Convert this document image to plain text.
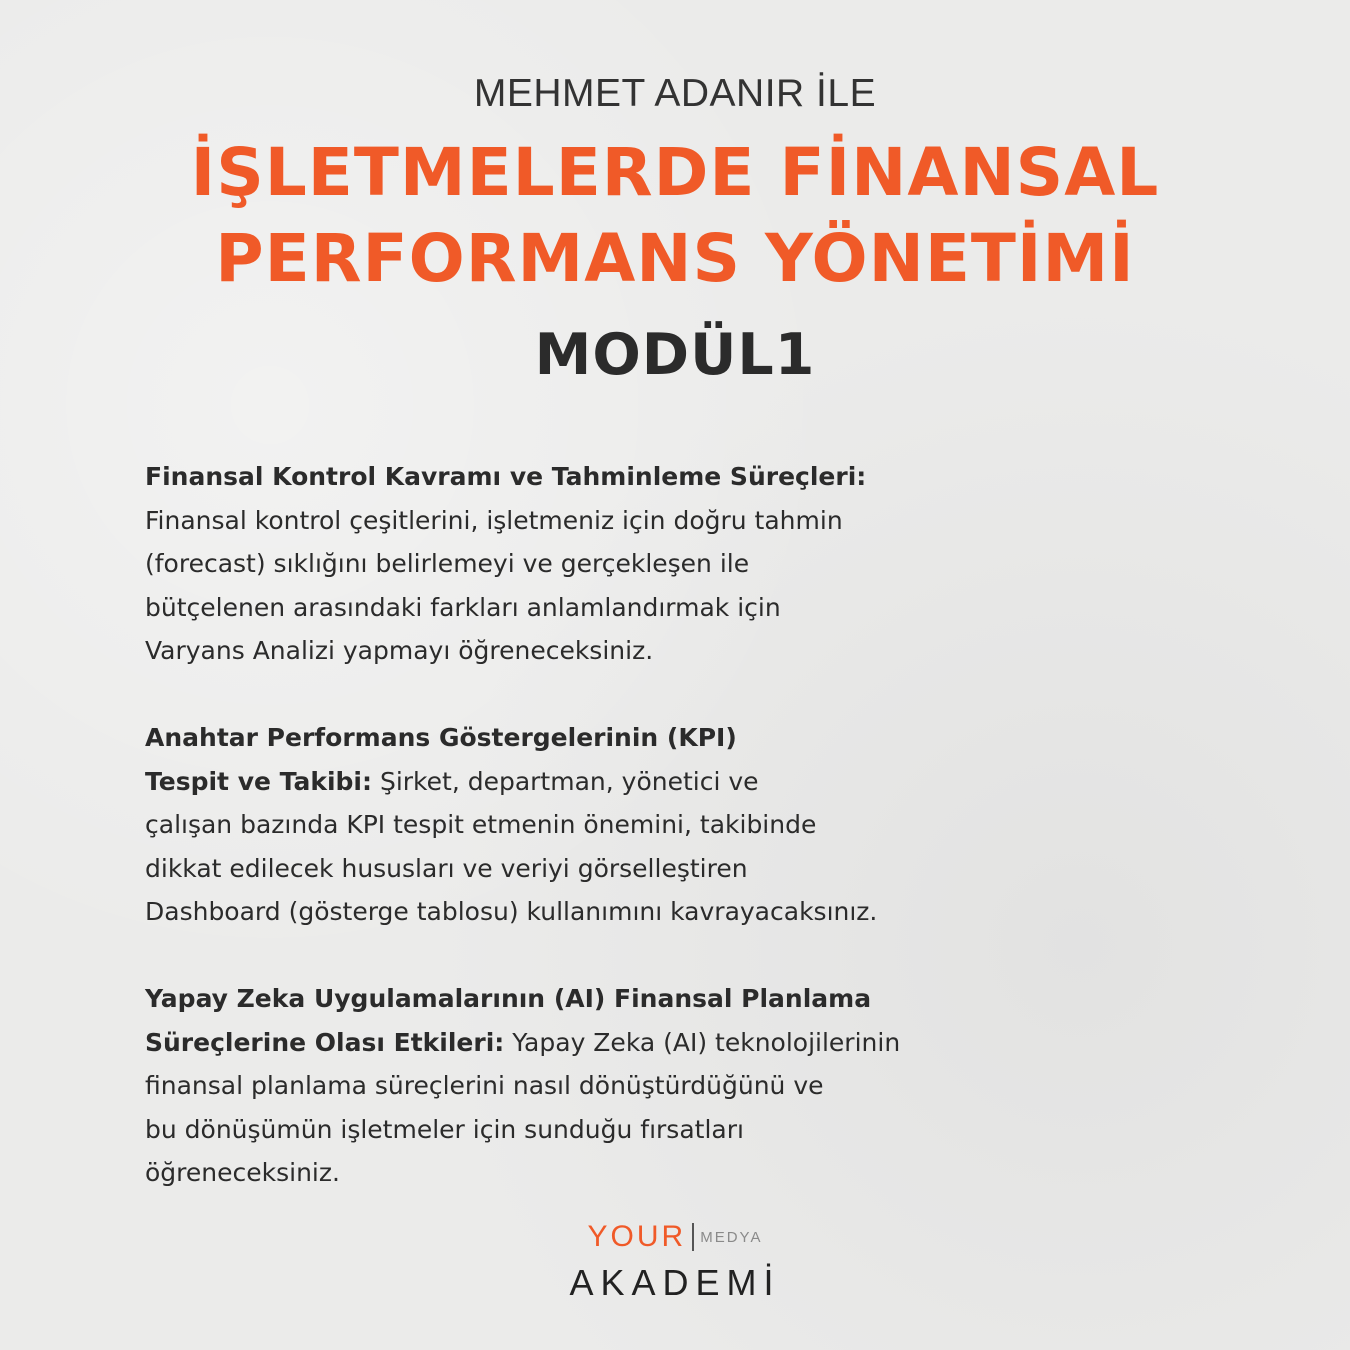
MEHMET ADANIR İLE
İŞLETMELERDE FİNANSAL
PERFORMANS YÖNETİMİ
MODÜL1
Finansal Kontrol Kavramı ve Tahminleme Süreçleri:
Finansal kontrol çeşitlerini, işletmeniz için doğru tahmin
(forecast) sıklığını belirlemeyi ve gerçekleşen ile
bütçelenen arasındaki farkları anlamlandırmak için
Varyans Analizi yapmayı öğreneceksiniz.
Anahtar Performans Göstergelerinin (KPI)
Tespit ve Takibi: Şirket, departman, yönetici ve
çalışan bazında KPI tespit etmenin önemini, takibinde
dikkat edilecek hususları ve veriyi görselleştiren
Dashboard (gösterge tablosu) kullanımını kavrayacaksınız.
Yapay Zeka Uygulamalarının (AI) Finansal Planlama
Süreçlerine Olası Etkileri: Yapay Zeka (AI) teknolojilerinin
finansal planlama süreçlerini nasıl dönüştürdüğünü ve
bu dönüşümün işletmeler için sunduğu fırsatları
öğreneceksiniz.
YOUR MEDYA
AKADEMİ
